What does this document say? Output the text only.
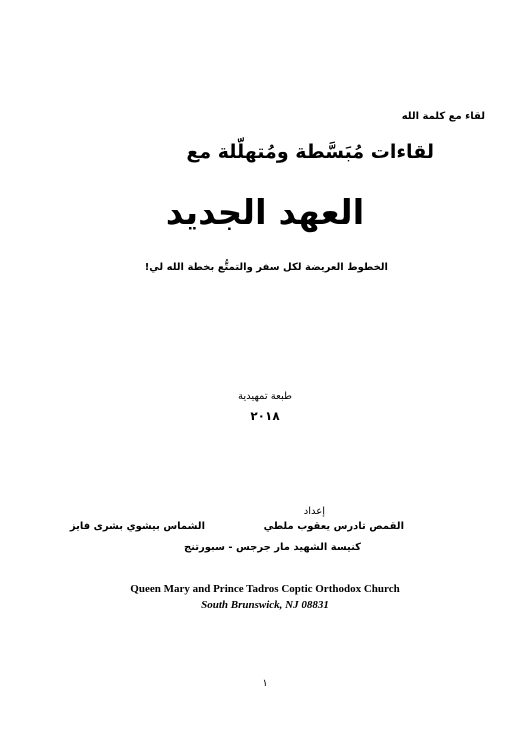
لقاء مع كلمة الله
لقاءات مُبَسَّطة ومُتهلّلة مع
العهد الجديد
الخطوط العريضة لكل سفر والتمتُّع بخطة الله لي!
طبعة تمهيدية
٢٠١٨
إعداد
القمص تادرس يعقوب ملطي
الشماس بيشوي بشرى فايز
كنيسة الشهيد مار جرجس - سبورتنج
Queen Mary and Prince Tadros Coptic Orthodox Church
South Brunswick, NJ 08831
١
